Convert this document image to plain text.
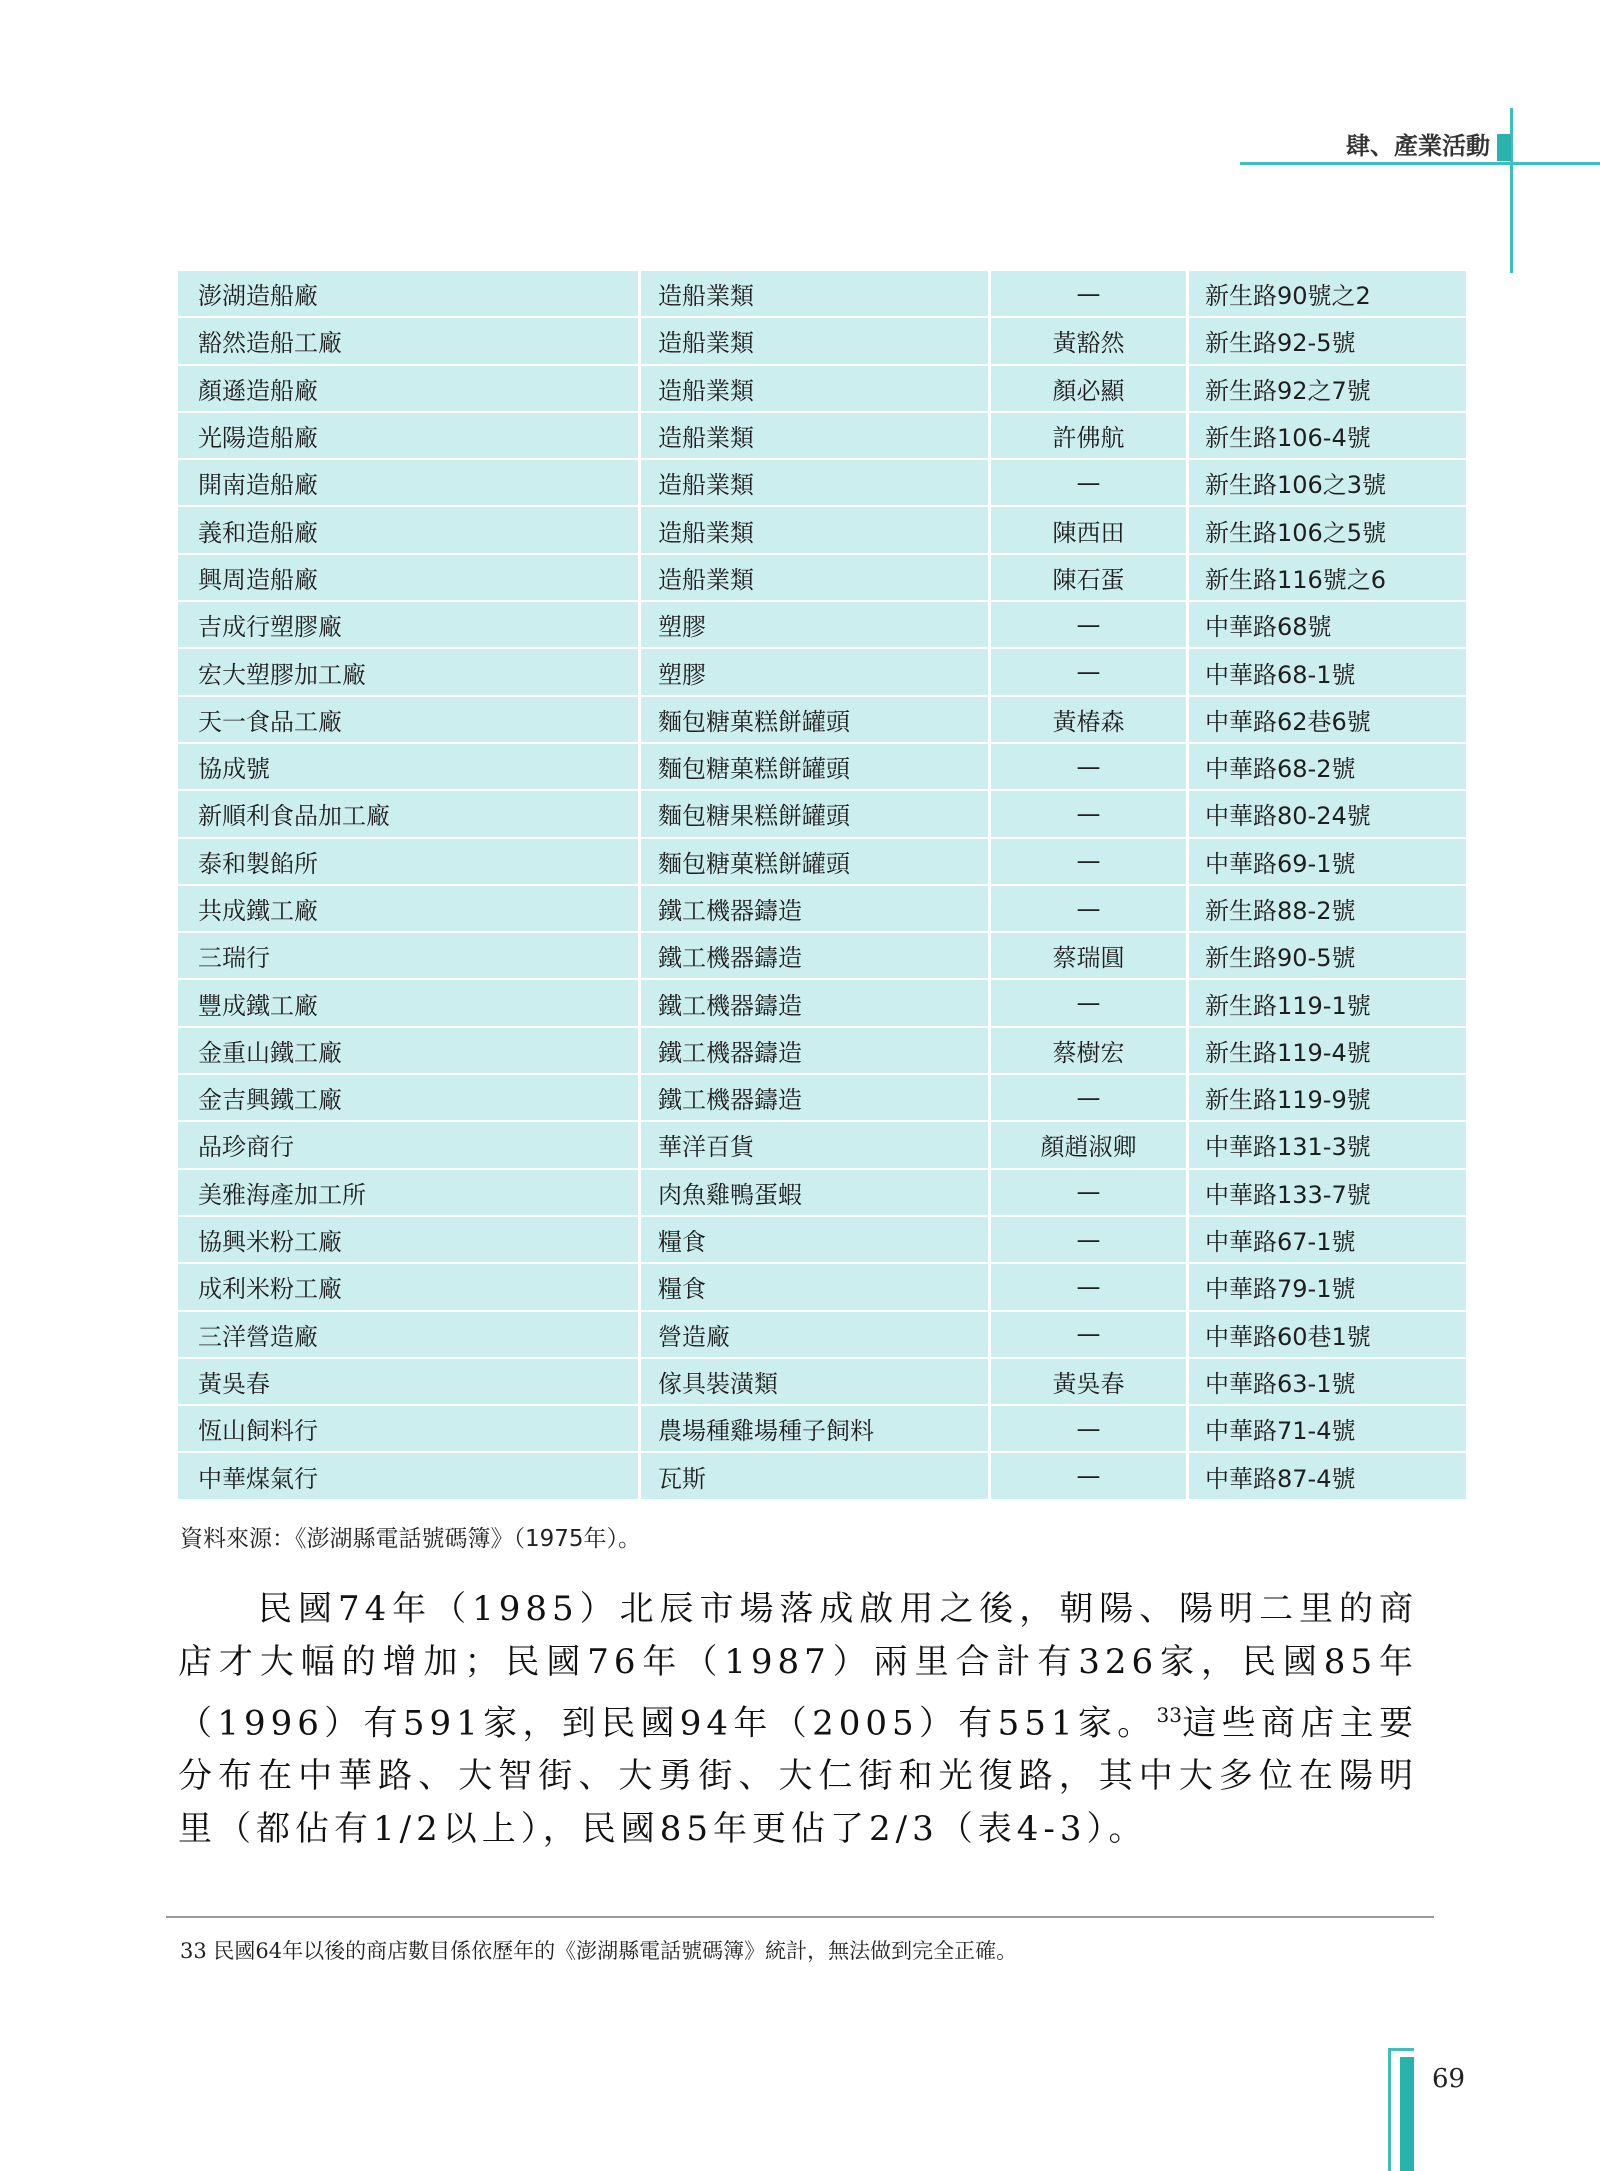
肆、產業活動
澎湖造船廠	造船業類	—	新生路90號之2
豁然造船工廠	造船業類	黃豁然	新生路92-5號
顏遜造船廠	造船業類	顏必顯	新生路92之7號
光陽造船廠	造船業類	許佛航	新生路106-4號
開南造船廠	造船業類	—	新生路106之3號
義和造船廠	造船業類	陳西田	新生路106之5號
興周造船廠	造船業類	陳石蛋	新生路116號之6
吉成行塑膠廠	塑膠	—	中華路68號
宏大塑膠加工廠	塑膠	—	中華路68-1號
天一食品工廠	麵包糖菓糕餅罐頭	黃椿森	中華路62巷6號
協成號	麵包糖菓糕餅罐頭	—	中華路68-2號
新順利食品加工廠	麵包糖果糕餅罐頭	—	中華路80-24號
泰和製餡所	麵包糖菓糕餅罐頭	—	中華路69-1號
共成鐵工廠	鐵工機器鑄造	—	新生路88-2號
三瑞行	鐵工機器鑄造	蔡瑞圓	新生路90-5號
豐成鐵工廠	鐵工機器鑄造	—	新生路119-1號
金重山鐵工廠	鐵工機器鑄造	蔡樹宏	新生路119-4號
金吉興鐵工廠	鐵工機器鑄造	—	新生路119-9號
品珍商行	華洋百貨	顏趙淑卿	中華路131-3號
美雅海產加工所	肉魚雞鴨蛋蝦	—	中華路133-7號
協興米粉工廠	糧食	—	中華路67-1號
成利米粉工廠	糧食	—	中華路79-1號
三洋營造廠	營造廠	—	中華路60巷1號
黃吳春	傢具裝潢類	黃吳春	中華路63-1號
恆山飼料行	農場種雞場種子飼料	—	中華路71-4號
中華煤氣行	瓦斯	—	中華路87-4號
資料來源：《澎湖縣電話號碼簿》（1975年）。

民國74年（1985）北辰市場落成啟用之後，朝陽、陽明二里的商店才大幅的增加；民國76年（1987）兩里合計有326家，民國85年（1996）有591家，到民國94年（2005）有551家。$^{33}$這些商店主要分布在中華路、大智街、大勇街、大仁街和光復路，其中大多位在陽明里（都佔有1/2以上），民國85年更佔了2/3（表4-3）。

33 民國64年以後的商店數目係依歷年的《澎湖縣電話號碼簿》統計，無法做到完全正確。
69
